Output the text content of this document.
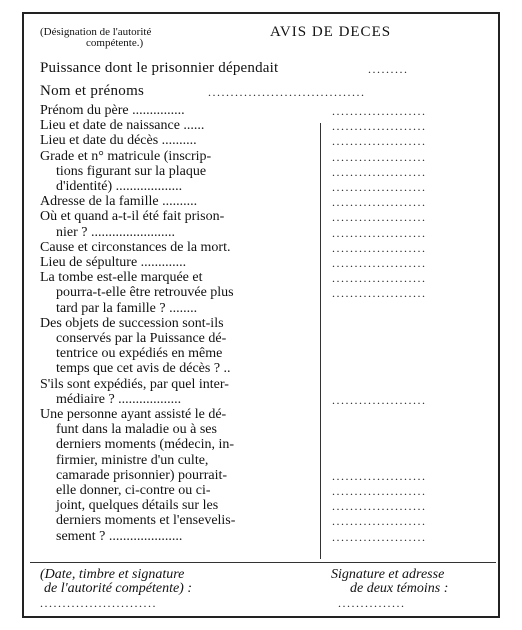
(Désignation de l'autorité
compétente.)
AVIS DE DECES
Puissance dont le prisonnier dépendait	.........
Nom et prénoms	...................................
Prénom du père ...............
Lieu et date de naissance ......
Lieu et date du décès ..........
Grade et n° matricule (inscrip-
tions figurant sur la plaque
d'identité) ...................
Adresse de la famille ..........
Où et quand a-t-il été fait prison-
nier ? ........................
Cause et circonstances de la mort.
Lieu de sépulture .............
La tombe est-elle marquée et
pourra-t-elle être retrouvée plus
tard par la famille ? ........
Des objets de succession sont-ils
conservés par la Puissance dé-
tentrice ou expédiés en même
temps que cet avis de décès ? ..
S'ils sont expédiés, par quel inter-
médiaire ? ..................
Une personne ayant assisté le dé-
funt dans la maladie ou à ses
derniers moments (médecin, in-
firmier, ministre d'un culte,
camarade prisonnier) pourrait-
elle donner, ci-contre ou ci-
joint, quelques détails sur les
derniers moments et l'ensevelis-
sement ? .....................
.....................
.....................
.....................
.....................
.....................
.....................
.....................
.....................
.....................
.....................
.....................
.....................
.....................
.....................
.....................
.....................
.....................
.....................
.....................
(Date, timbre et signature
de l'autorité compétente) :
..........................
Signature et adresse
de deux témoins :
...............
